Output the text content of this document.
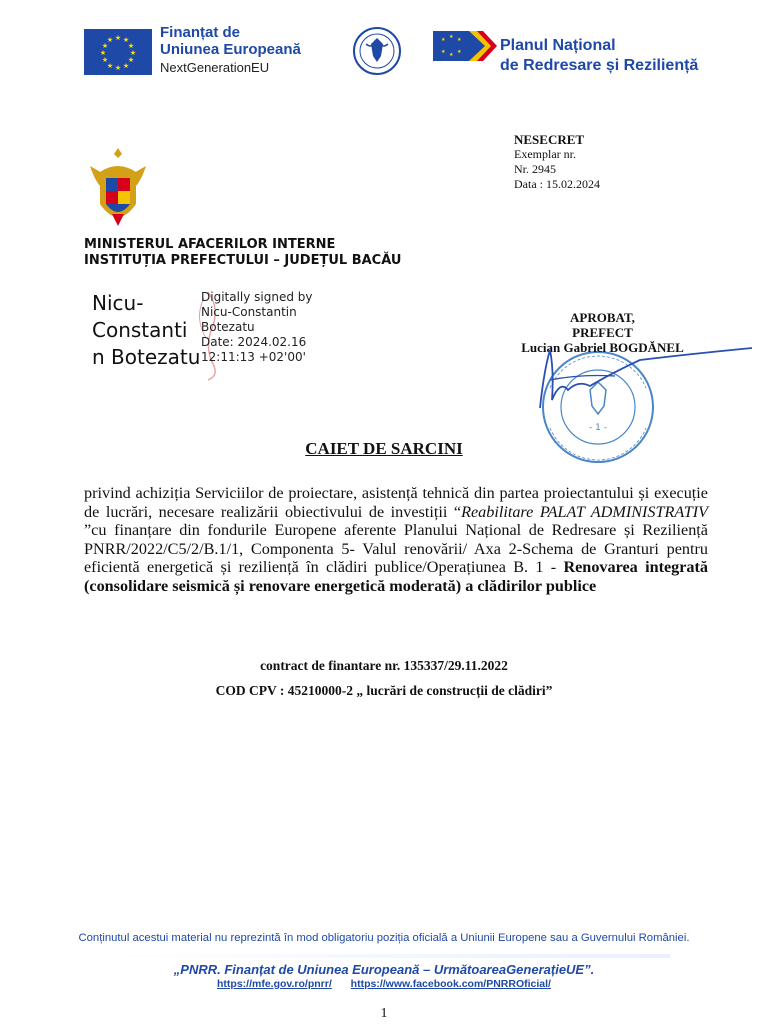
★ ★
★
★
★
★
★
★
★
★
★
★	Finanțat de
Uniunea Europeană
NextGenerationEU
★ ★ ★
★ ★ ★ Planul Național
de Redresare și Reziliență
NESECRET
Exemplar nr.
Nr. 2945
Data : 15.02.2024
MINISTERUL AFACERILOR INTERNE
INSTITUȚIA PREFECTULUI – JUDEȚUL BACĂU
Nicu-
Constanti
n Botezatu
Digitally signed by
Nicu-Constantin
Botezatu
Date: 2024.02.16
12:11:13 +02'00'
- 1 -
APROBAT,
PREFECT
Lucian Gabriel BOGDĂNEL
CAIET DE SARCINI
privind achiziția Serviciilor de proiectare, asistență tehnică din partea proiectantului și execuție de lucrări, necesare realizării obiectivului de investiții “Reabilitare PALAT ADMINISTRATIV ”cu finanțare din fondurile Europene aferente Planului Național de Redresare și Reziliență PNRR/2022/C5/2/B.1/1, Componenta 5- Valul renovării/ Axa 2-Schema de Granturi pentru eficientă energetică și reziliență în clădiri publice/Operațiunea B. 1 - Renovarea integrată (consolidare seismică și renovare energetică moderată) a clădirilor publice
contract de finantare nr. 135337/29.11.2022
COD CPV : 45210000-2 „ lucrări de construcții de clădiri”
Conținutul acestui material nu reprezintă în mod obligatoriu poziția oficială a Uniunii Europene sau a Guvernului României.
„PNRR. Finanțat de Uniunea Europeană – UrmătoareaGenerațieUE”.
https://mfe.gov.ro/pnrr/ https://www.facebook.com/PNRROficial/
1
